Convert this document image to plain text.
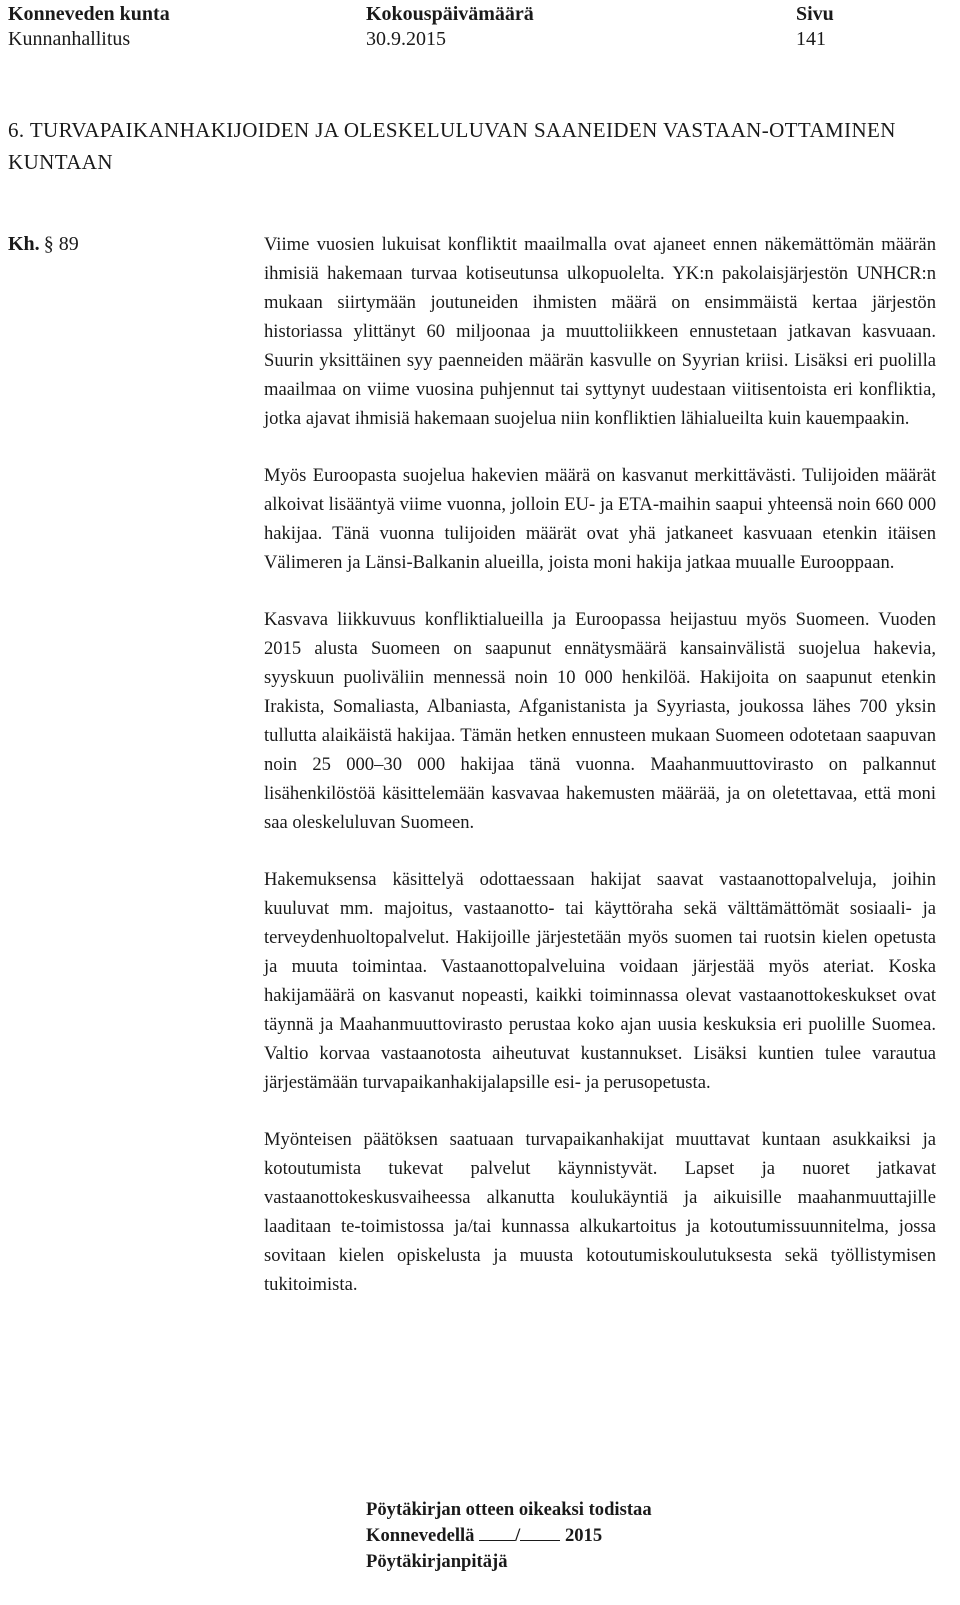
Konneveden kunta
Kunnanhallitus
Kokouspäivämäärä
30.9.2015
Sivu
141
6. TURVAPAIKANHAKIJOIDEN JA OLESKELULUVAN SAANEIDEN VASTAAN-OTTAMINEN KUNTAAN
Kh. § 89	Viime vuosien lukuisat konfliktit maailmalla ovat ajaneet ennen näkemättömän määrän ihmisiä hakemaan turvaa kotiseutunsa ulkopuolelta. YK:n pakolaisjärjestön UNHCR:n mukaan siirtymään joutuneiden ihmisten määrä on ensimmäistä kertaa järjestön historiassa ylittänyt 60 miljoonaa ja muuttoliikkeen ennustetaan jatkavan kasvuaan. Suurin yksittäinen syy paenneiden määrän kasvulle on Syyrian kriisi. Lisäksi eri puolilla maailmaa on viime vuosina puhjennut tai syttynyt uudestaan viitisentoista eri konfliktia, jotka ajavat ihmisiä hakemaan suojelua niin konfliktien lähialueilta kuin kauempaakin.

Myös Euroopasta suojelua hakevien määrä on kasvanut merkittävästi. Tulijoiden määrät alkoivat lisääntyä viime vuonna, jolloin EU- ja ETA-maihin saapui yhteensä noin 660 000 hakijaa. Tänä vuonna tulijoiden määrät ovat yhä jatkaneet kasvuaan etenkin itäisen Välimeren ja Länsi-Balkanin alueilla, joista moni hakija jatkaa muualle Eurooppaan.

Kasvava liikkuvuus konfliktialueilla ja Euroopassa heijastuu myös Suomeen. Vuoden 2015 alusta Suomeen on saapunut ennätysmäärä kansainvälistä suojelua hakevia, syyskuun puoliväliin mennessä noin 10 000 henkilöä. Hakijoita on saapunut etenkin Irakista, Somaliasta, Albaniasta, Afganistanista ja Syyriasta, joukossa lähes 700 yksin tullutta alaikäistä hakijaa. Tämän hetken ennusteen mukaan Suomeen odotetaan saapuvan noin 25 000–30 000 hakijaa tänä vuonna. Maahanmuuttovirasto on palkannut lisähenkilöstöä käsittelemään kasvavaa hakemusten määrää, ja on oletettavaa, että moni saa oleskeluluvan Suomeen.

Hakemuksensa käsittelyä odottaessaan hakijat saavat vastaanottopalveluja, joihin kuuluvat mm. majoitus, vastaanotto- tai käyttöraha sekä välttämättömät sosiaali- ja terveydenhuoltopalvelut. Hakijoille järjestetään myös suomen tai ruotsin kielen opetusta ja muuta toimintaa. Vastaanottopalveluina voidaan järjestää myös ateriat. Koska hakijamäärä on kasvanut nopeasti, kaikki toiminnassa olevat vastaanottokeskukset ovat täynnä ja Maahanmuuttovirasto perustaa koko ajan uusia keskuksia eri puolille Suomea. Valtio korvaa vastaanotosta aiheutuvat kustannukset. Lisäksi kuntien tulee varautua järjestämään turvapaikanhakijalapsille esi- ja perusopetusta.

Myönteisen päätöksen saatuaan turvapaikanhakijat muuttavat kuntaan asukkaiksi ja kotoutumista tukevat palvelut käynnistyvät. Lapset ja nuoret jatkavat vastaanottokeskusvaiheessa alkanutta koulukäyntiä ja aikuisille maahanmuuttajille laaditaan te-toimistossa ja/tai kunnassa alkukartoitus ja kotoutumissuunnitelma, jossa sovitaan kielen opiskelusta ja muusta kotoutumiskoulutuksesta sekä työllistymisen tukitoimista.

Pöytäkirjan otteen oikeaksi todistaa
Konnevedellä / 2015
Pöytäkirjanpitäjä
